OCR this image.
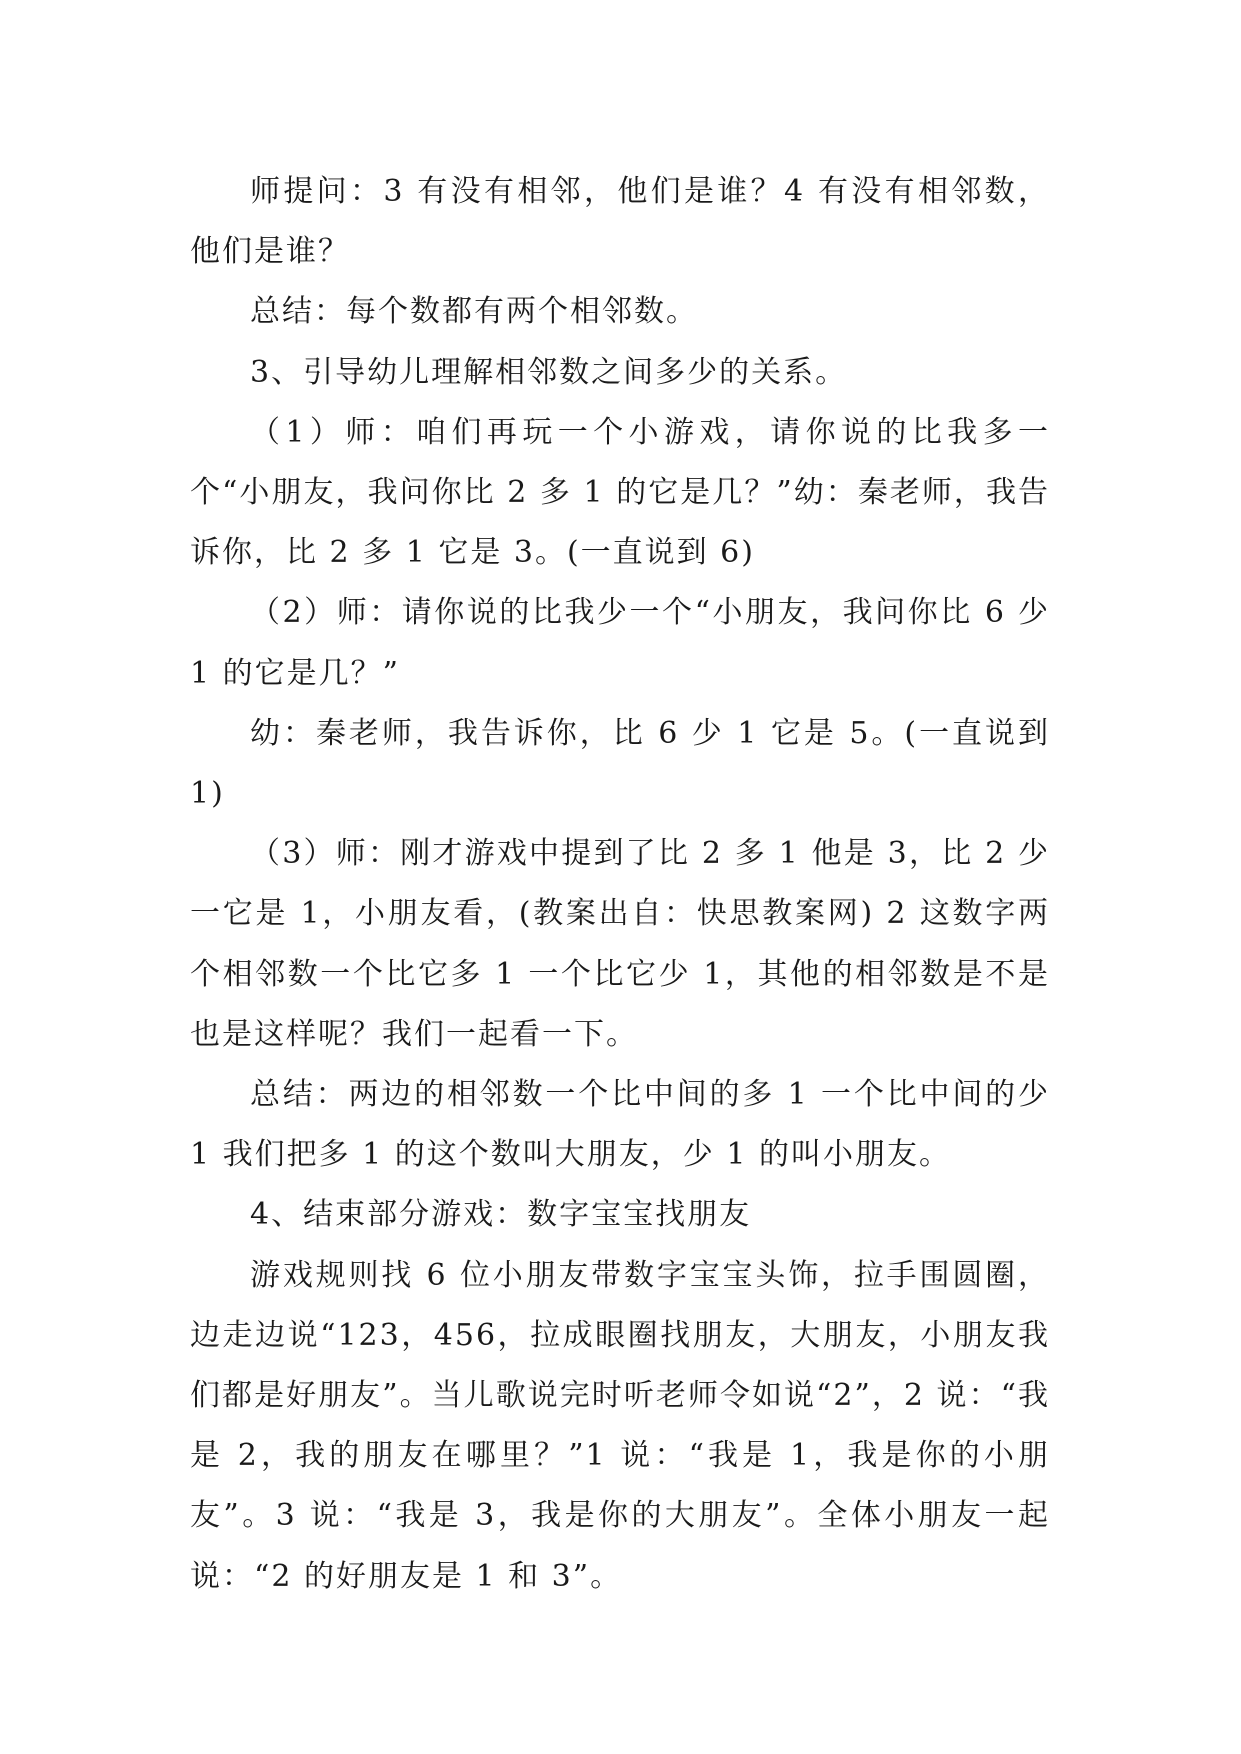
师提问：3 有没有相邻，他们是谁？4 有没有相邻数，他们是谁？

总结：每个数都有两个相邻数。

3、引导幼儿理解相邻数之间多少的关系。

（1）师：咱们再玩一个小游戏，请你说的比我多一个“小朋友，我问你比 2 多 1 的它是几？”幼：秦老师，我告诉你，比 2 多 1 它是 3。(一直说到 6)

（2）师：请你说的比我少一个“小朋友，我问你比 6 少 1 的它是几？”

幼：秦老师，我告诉你，比 6 少 1 它是 5。(一直说到 1)

（3）师：刚才游戏中提到了比 2 多 1 他是 3，比 2 少一它是 1，小朋友看，(教案出自：快思教案网) 2 这数字两个相邻数一个比它多 1 一个比它少 1，其他的相邻数是不是也是这样呢？我们一起看一下。

总结：两边的相邻数一个比中间的多 1 一个比中间的少 1 我们把多 1 的这个数叫大朋友，少 1 的叫小朋友。

4、结束部分游戏：数字宝宝找朋友

游戏规则找 6 位小朋友带数字宝宝头饰，拉手围圆圈，边走边说“123，456，拉成眼圈找朋友，大朋友，小朋友我们都是好朋友”。当儿歌说完时听老师令如说“2”，2 说：“我是 2，我的朋友在哪里？”1 说：“我是 1，我是你的小朋友”。3 说：“我是 3，我是你的大朋友”。全体小朋友一起说：“2 的好朋友是 1 和 3”。
